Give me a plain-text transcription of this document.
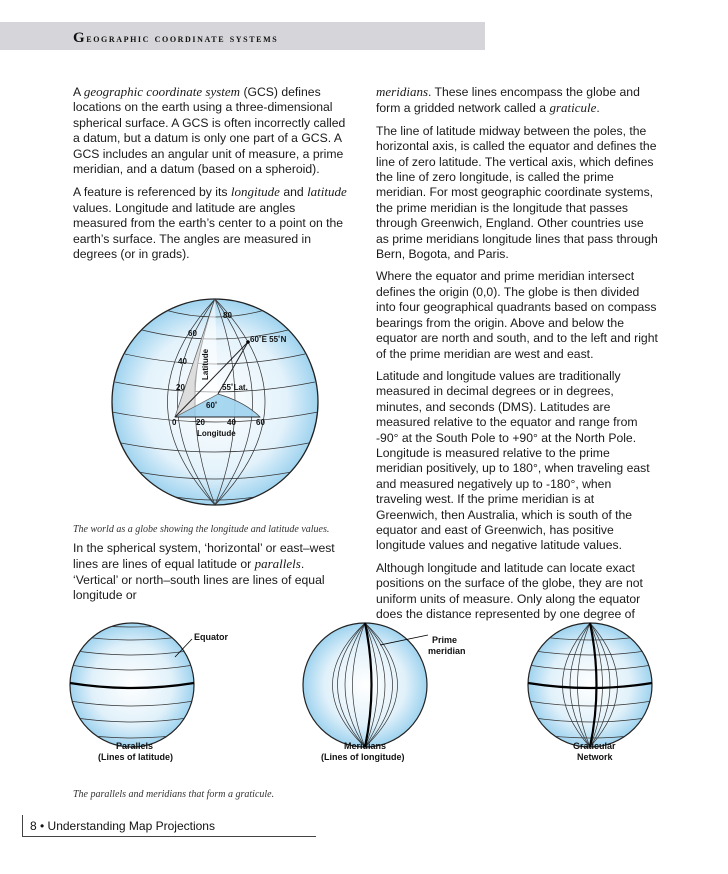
Geographic coordinate systems

A geographic coordinate system (GCS) defines locations on the earth using a three-dimensional spherical surface. A GCS is often incorrectly called a datum, but a datum is only one part of a GCS. A GCS includes an angular unit of measure, a prime meridian, and a datum (based on a spheroid).

A feature is referenced by its longitude and latitude values. Longitude and latitude are angles measured from the earth’s center to a point on the earth’s surface. The angles are measured in degrees (or in grads).

80
60
40
20
Latitude
60˚E 55˚N
55˚Lat.
60˚
0 20	40	60
Longitude
The world as a globe showing the longitude and latitude values.

In the spherical system, ‘horizontal’ or east–west lines are lines of equal latitude or parallels. ‘Vertical’ or north–south lines are lines of equal longitude or

meridians. These lines encompass the globe and form a gridded network called a graticule.

The line of latitude midway between the poles, the horizontal axis, is called the equator and defines the line of zero latitude. The vertical axis, which defines the line of zero longitude, is called the prime meridian. For most geographic coordinate systems, the prime meridian is the longitude that passes through Greenwich, England. Other countries use as prime meridians longitude lines that pass through Bern, Bogota, and Paris.

Where the equator and prime meridian intersect defines the origin (0,0). The globe is then divided into four geographical quadrants based on compass bearings from the origin. Above and below the equator are north and south, and to the left and right of the prime meridian are west and east.

Latitude and longitude values are traditionally measured in decimal degrees or in degrees, minutes, and seconds (DMS). Latitudes are measured relative to the equator and range from -90° at the South Pole to +90° at the North Pole. Longitude is measured relative to the prime meridian positively, up to 180°, when traveling east and measured negatively up to -180°, when traveling west. If the prime meridian is at Greenwich, then Australia, which is south of the equator and east of Greenwich, has positive longitude values and negative latitude values.

Although longitude and latitude can locate exact positions on the surface of the globe, they are not uniform units of measure. Only along the equator does the distance represented by one degree of

Equator	Prime
meridian
Parallels
(Lines of latitude)
Meridians
(Lines of longitude)
Graticular
Network
The parallels and meridians that form a graticule.
8 • Understanding Map Projections
